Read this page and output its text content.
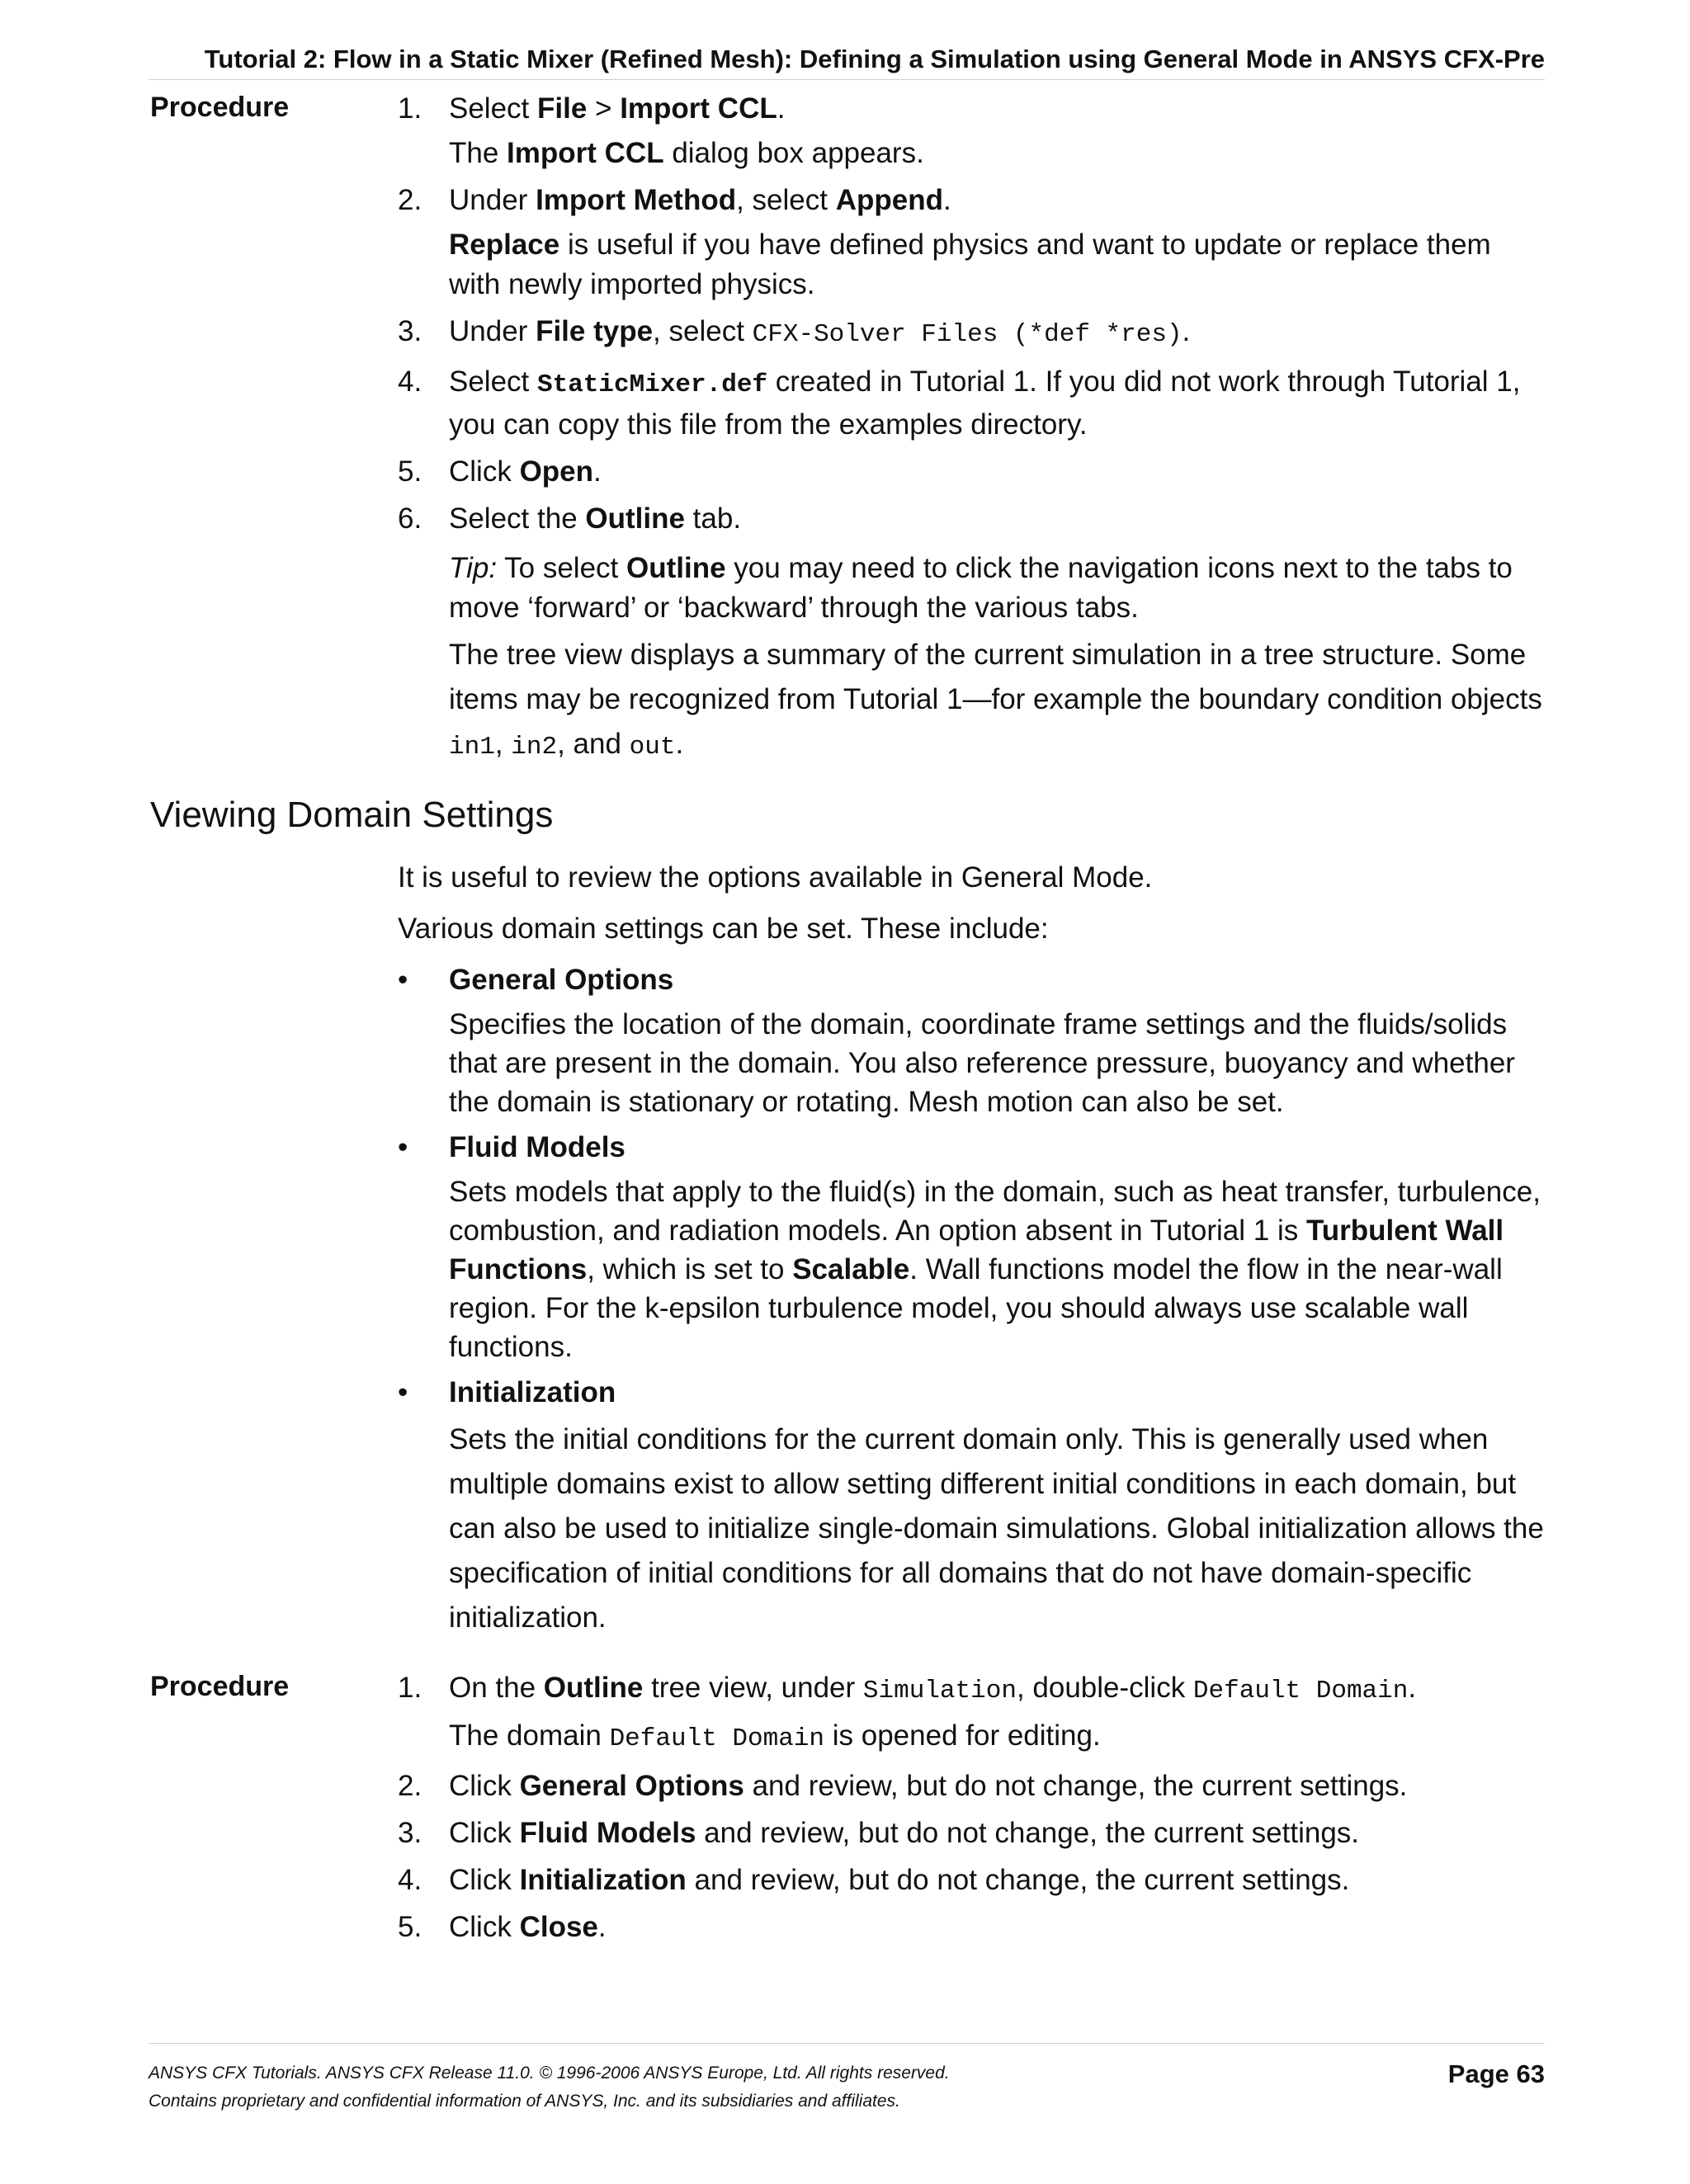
Tutorial 2: Flow in a Static Mixer (Refined Mesh): Defining a Simulation using General Mode in ANSYS CFX-Pre
Procedure	1. Select File > Import CCL.
The Import CCL dialog box appears.
2. Under Import Method, select Append.
Replace is useful if you have defined physics and want to update or replace them with newly imported physics.
3. Under File type, select CFX-Solver Files (*def *res).
4. Select StaticMixer.def created in Tutorial 1. If you did not work through Tutorial 1, you can copy this file from the examples directory.
5. Click Open.
6. Select the Outline tab.
Tip: To select Outline you may need to click the navigation icons next to the tabs to move ‘forward’ or ‘backward’ through the various tabs.
The tree view displays a summary of the current simulation in a tree structure. Some items may be recognized from Tutorial 1—for example the boundary condition objects in1, in2, and out.
Viewing Domain Settings
It is useful to review the options available in General Mode.
Various domain settings can be set. These include:
• General Options
Specifies the location of the domain, coordinate frame settings and the fluids/solids that are present in the domain. You also reference pressure, buoyancy and whether the domain is stationary or rotating. Mesh motion can also be set.
• Fluid Models
Sets models that apply to the fluid(s) in the domain, such as heat transfer, turbulence, combustion, and radiation models. An option absent in Tutorial 1 is Turbulent Wall Functions, which is set to Scalable. Wall functions model the flow in the near-wall region. For the k-epsilon turbulence model, you should always use scalable wall functions.
• Initialization
Sets the initial conditions for the current domain only. This is generally used when multiple domains exist to allow setting different initial conditions in each domain, but can also be used to initialize single-domain simulations. Global initialization allows the specification of initial conditions for all domains that do not have domain-specific initialization.
Procedure	1. On the Outline tree view, under Simulation, double-click Default Domain.
The domain Default Domain is opened for editing.
2. Click General Options and review, but do not change, the current settings.
3. Click Fluid Models and review, but do not change, the current settings.
4. Click Initialization and review, but do not change, the current settings.
5. Click Close.
ANSYS CFX Tutorials. ANSYS CFX Release 11.0. © 1996-2006 ANSYS Europe, Ltd. All rights reserved.
Contains proprietary and confidential information of ANSYS, Inc. and its subsidiaries and affiliates.
Page 63
